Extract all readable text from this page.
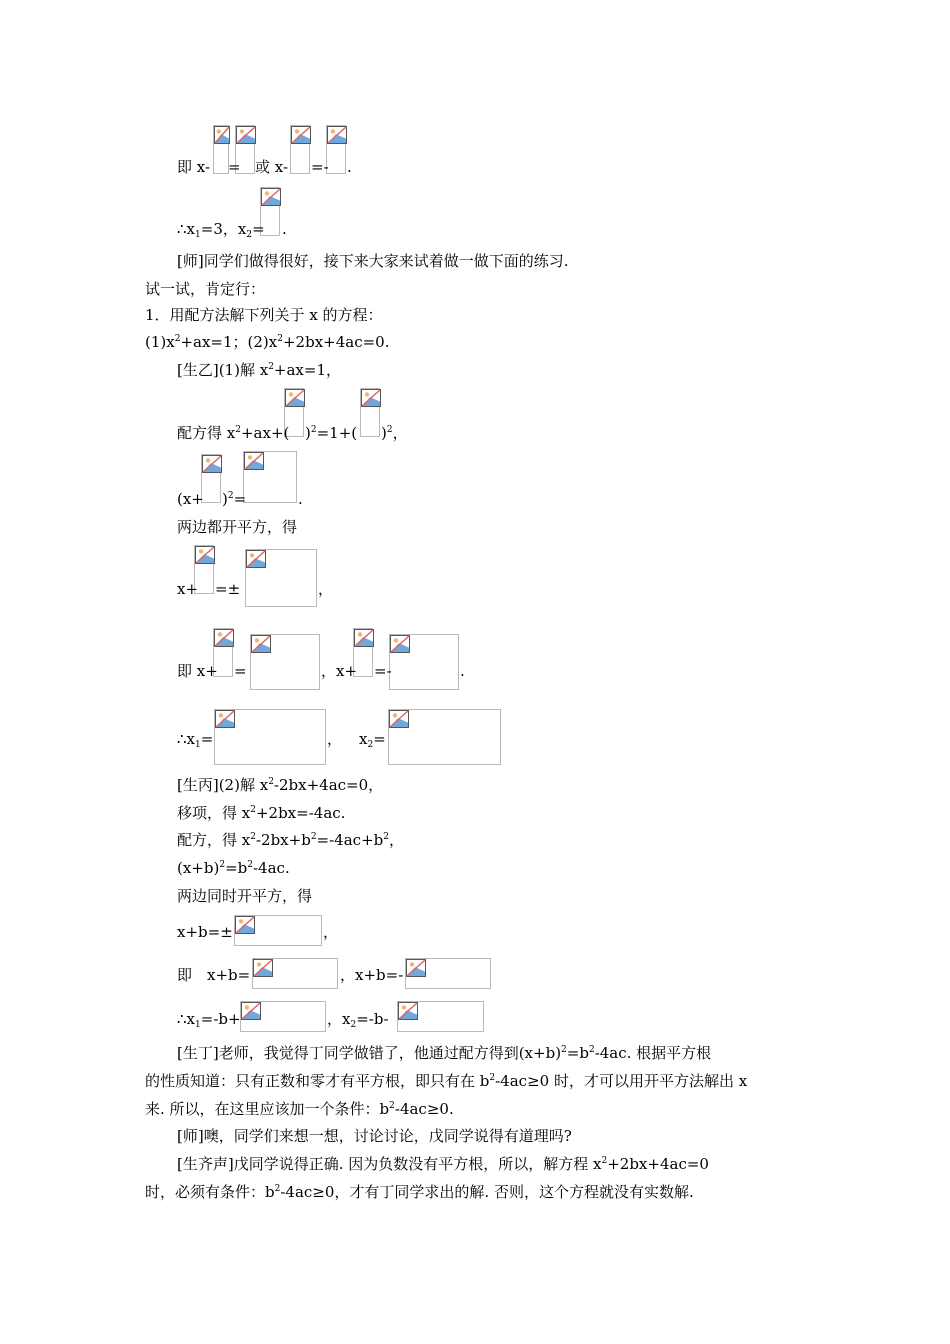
即 x- = 或 x- =- .
$\therefore x_1=3$，$x_2=$ .
[师]同学们做得很好，接下来大家来试着做一做下面的练习.
试一试，肯定行：
1．用配方法解下列关于 x 的方程：
$(1)x^2+ax=1$；$(2)x^2+2bx+4ac=0$.
[生乙](1)解 $x^2+ax=1$，
配方得 $x^2+ax+$( )$^2$=1+( )$^2$，
$(x+ )^2=$	.
两边都开平方，得
x+ =±	，
即 x+ =	，x+ =-	.
$\therefore x_1=$	， $x_2=$
[生丙](2)解 $x^2-2bx+4ac=0$，
移项，得 $x^2+2bx=-4ac$.
配方，得 $x^2-2bx+b^2=-4ac+b^2$，
$(x+b)^2=b^2-4ac$.
两边同时开平方，得
x+b=±	，
即　x+b=	，x+b=-
$\therefore x_1=-b+$	，$x_2=-b-$
[生丁]老师，我觉得丁同学做错了，他通过配方得到$(x+b)^2=b^2-4ac$. 根据平方根
的性质知道：只有正数和零才有平方根，即只有在 $b^2-4ac\ge 0$ 时，才可以用开平方法解出 x
来. 所以，在这里应该加一个条件：$b^2-4ac\ge 0$.
[师]噢，同学们来想一想，讨论讨论，戊同学说得有道理吗?
[生齐声]戊同学说得正确. 因为负数没有平方根，所以，解方程 $x^2+2bx+4ac=0$
时，必须有条件：$b^2-4ac\ge 0$，才有丁同学求出的解. 否则，这个方程就没有实数解.
